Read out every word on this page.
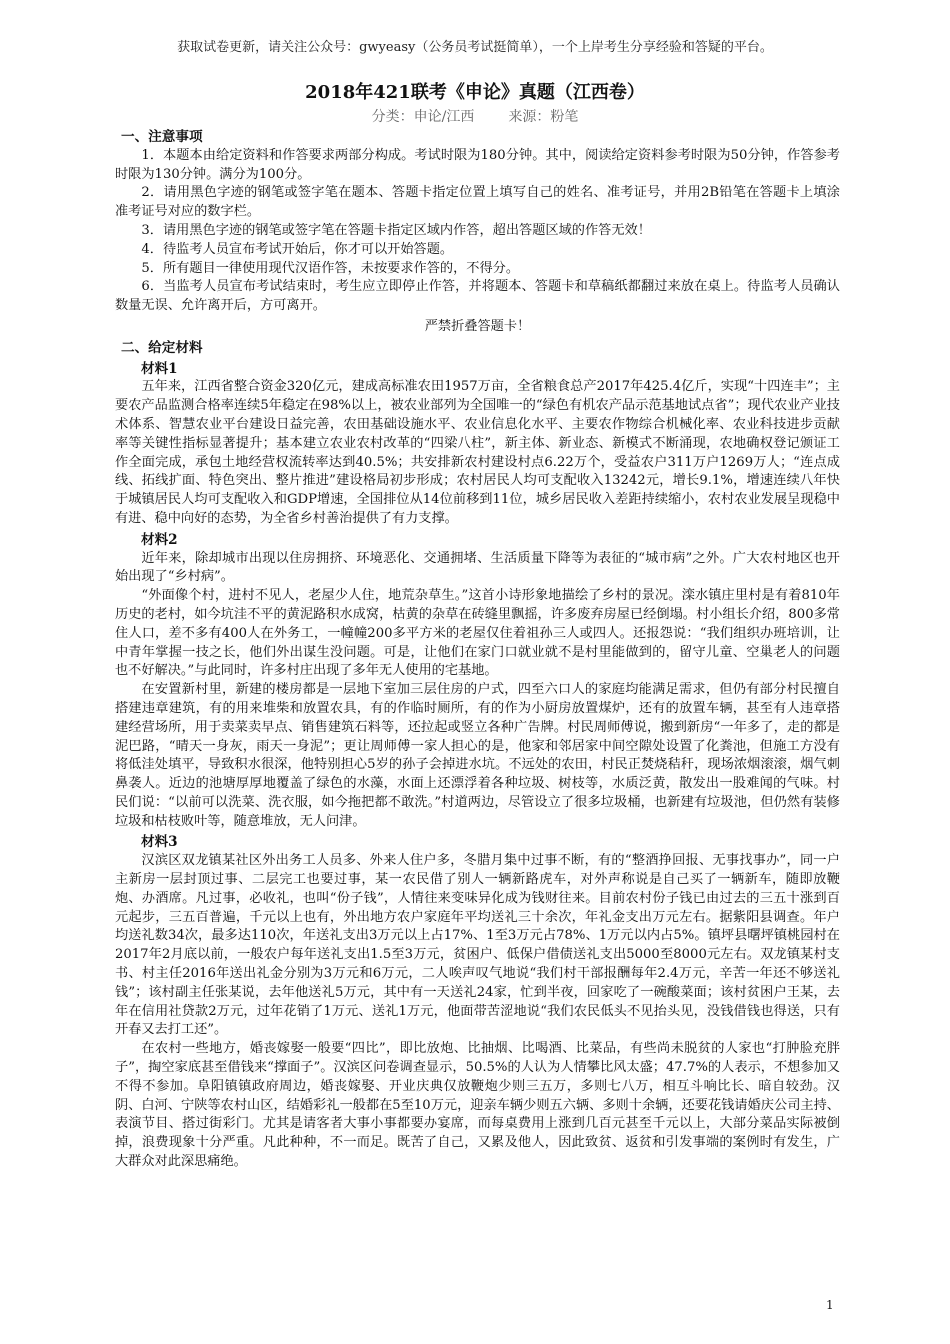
获取试卷更新，请关注公众号：gwyeasy（公务员考试挺简单），一个上岸考生分享经验和答疑的平台。
2018年421联考《申论》真题（江西卷）
分类：申论/江西 来源：粉笔
一、注意事项

1．本题本由给定资料和作答要求两部分构成。考试时限为180分钟。其中，阅读给定资料参考时限为50分钟，作答参考时限为130分钟。满分为100分。

2．请用黑色字迹的钢笔或签字笔在题本、答题卡指定位置上填写自己的姓名、准考证号，并用2B铅笔在答题卡上填涂准考证号对应的数字栏。

3．请用黑色字迹的钢笔或签字笔在答题卡指定区域内作答，超出答题区域的作答无效！

4．待监考人员宣布考试开始后，你才可以开始答题。

5．所有题目一律使用现代汉语作答，未按要求作答的，不得分。

6．当监考人员宣布考试结束时，考生应立即停止作答，并将题本、答题卡和草稿纸都翻过来放在桌上。待监考人员确认数量无误、允许离开后，方可离开。

严禁折叠答题卡！

二、给定材料
材料1

五年来，江西省整合资金320亿元，建成高标准农田1957万亩，全省粮食总产2017年425.4亿斤，实现“十四连丰”；主要农产品监测合格率连续5年稳定在98%以上，被农业部列为全国唯一的“绿色有机农产品示范基地试点省”；现代农业产业技术体系、智慧农业平台建设日益完善，农田基础设施水平、农业信息化水平、主要农作物综合机械化率、农业科技进步贡献率等关键性指标显著提升；基本建立农业农村改革的“四梁八柱”，新主体、新业态、新模式不断涌现，农地确权登记颁证工作全面完成，承包土地经营权流转率达到40.5%；共安排新农村建设村点6.22万个，受益农户311万户1269万人；“连点成线、拓线扩面、特色突出、整片推进”建设格局初步形成；农村居民人均可支配收入13242元，增长9.1%，增速连续八年快于城镇居民人均可支配收入和GDP增速，全国排位从14位前移到11位，城乡居民收入差距持续缩小，农村农业发展呈现稳中有进、稳中向好的态势，为全省乡村善治提供了有力支撑。

材料2

近年来，除却城市出现以住房拥挤、环境恶化、交通拥堵、生活质量下降等为表征的“城市病”之外。广大农村地区也开始出现了“乡村病”。

“外面像个村，进村不见人，老屋少人住，地荒杂草生。”这首小诗形象地描绘了乡村的景况。滦水镇庄里村是有着810年历史的老村，如今坑洼不平的黄泥路积水成窝，枯黄的杂草在砖缝里飘摇，许多废弃房屋已经倒塌。村小组长介绍，800多常住人口，差不多有400人在外务工，一幢幢200多平方米的老屋仅住着祖孙三人或四人。还报怨说：“我们组织办班培训，让中青年掌握一技之长，他们外出谋生没问题。可是，让他们在家门口就业就不是村里能做到的，留守儿童、空巢老人的问题也不好解决。”与此同时，许多村庄出现了多年无人使用的宅基地。

在安置新村里，新建的楼房都是一层地下室加三层住房的户式，四至六口人的家庭均能满足需求，但仍有部分村民擅自搭建违章建筑，有的用来堆柴和放置农具，有的作临时厕所，有的作为小厨房放置煤炉，还有的放置车辆，甚至有人违章搭建经营场所，用于卖菜卖早点、销售建筑石料等，还拉起或竖立各种广告牌。村民周师傅说，搬到新房“一年多了，走的都是泥巴路，“晴天一身灰，雨天一身泥”；更让周师傅一家人担心的是，他家和邻居家中间空隙处设置了化粪池，但施工方没有将低洼处填平，导致积水很深，他特别担心5岁的孙子会掉进水坑。不远处的农田，村民正焚烧秸秆，现场浓烟滚滚，烟气刺鼻袭人。近边的池塘厚厚地覆盖了绿色的水藻，水面上还漂浮着各种垃圾、树枝等，水质泛黄，散发出一股难闻的气味。村民们说：“以前可以洗菜、洗衣服，如今拖把都不敢洗。”村道两边，尽管设立了很多垃圾桶，也新建有垃圾池，但仍然有装修垃圾和枯枝败叶等，随意堆放，无人问津。

材料3

汉滨区双龙镇某社区外出务工人员多、外来人住户多，冬腊月集中过事不断，有的“整酒挣回报、无事找事办”，同一户主新房一层封顶过事、二层完工也要过事，某一农民借了别人一辆新路虎车，对外声称说是自己买了一辆新车，随即放鞭炮、办酒席。凡过事，必收礼，也叫“份子钱”，人情往来变味异化成为钱财往来。目前农村份子钱已由过去的三五十涨到百元起步，三五百普遍，千元以上也有，外出地方农户家庭年平均送礼三十余次，年礼金支出万元左右。据紫阳县调查。年户均送礼数34次，最多达110次，年送礼支出3万元以上占17%、1至3万元占78%、1万元以内占5%。镇坪县曙坪镇桃园村在2017年2月底以前，一般农户每年送礼支出1.5至3万元，贫困户、低保户借债送礼支出5000至8000元左右。双龙镇某村支书、村主任2016年送出礼金分别为3万元和6万元，二人唉声叹气地说“我们村干部报酬每年2.4万元，辛苦一年还不够送礼钱”；该村副主任张某说，去年他送礼5万元，其中有一天送礼24家，忙到半夜，回家吃了一碗酸菜面；该村贫困户王某，去年在信用社贷款2万元，过年花销了1万元、送礼1万元，他面带苦涩地说“我们农民低头不见抬头见，没钱借钱也得送，只有开春又去打工还”。

在农村一些地方，婚丧嫁娶一般要“四比”，即比放炮、比抽烟、比喝酒、比菜品，有些尚未脱贫的人家也“打肿脸充胖子”，掏空家底甚至借钱来“撑面子”。汉滨区问卷调查显示，50.5%的人认为人情攀比风太盛；47.7%的人表示，不想参加又不得不参加。阜阳镇镇政府周边，婚丧嫁娶、开业庆典仅放鞭炮少则三五万，多则七八万，相互斗响比长、暗自较劲。汉阴、白河、宁陕等农村山区，结婚彩礼一般都在5至10万元，迎亲车辆少则五六辆、多则十余辆，还要花钱请婚庆公司主持、表演节目、搭过街彩门。尤其是请客者大事小事都要办宴席，而每桌费用上涨到几百元甚至千元以上，大部分菜品实际被倒掉，浪费现象十分严重。凡此种种，不一而足。既苦了自己，又累及他人，因此致贫、返贫和引发事端的案例时有发生，广大群众对此深思痛绝。

1
